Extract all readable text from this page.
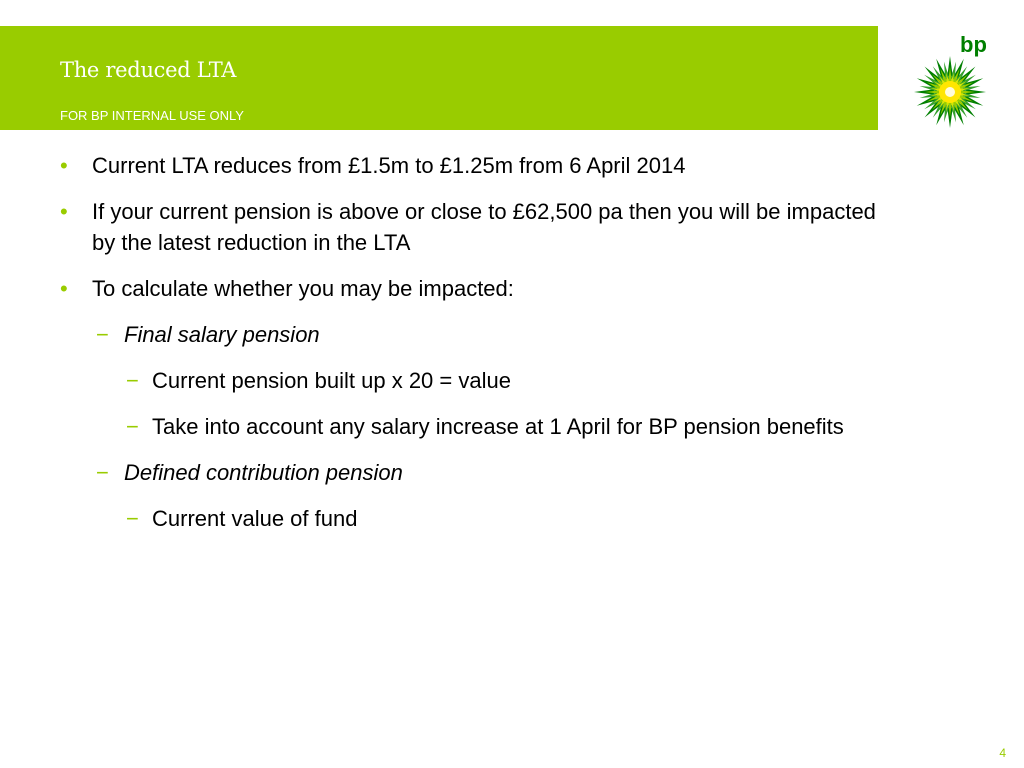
The reduced LTA
FOR BP INTERNAL USE ONLY
bp
• Current LTA reduces from £1.5m to £1.25m from 6 April 2014
• If your current pension is above or close to £62,500 pa then you will be impacted by the latest reduction in the LTA
• To calculate whether you may be impacted:
− Final salary pension
− Current pension built up x 20 = value
− Take into account any salary increase at 1 April for BP pension benefits
− Defined contribution pension
− Current value of fund
4
